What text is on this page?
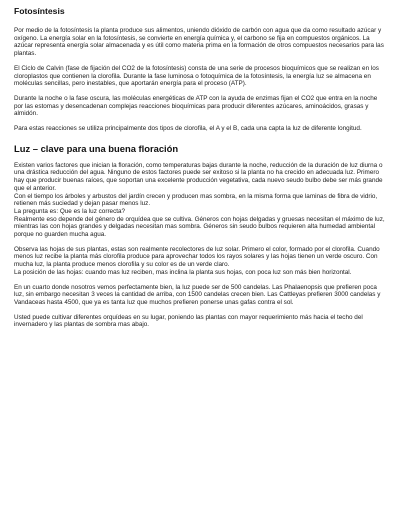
Fotosíntesis

Por medio de la fotosíntesis la planta produce sus alimentos, uniendo dióxido de carbón con agua que da como resultado azúcar y oxígeno. La energía solar en la fotosíntesis, se convierte en energía química y, el carbono se fija en compuestos orgánicos. La azúcar representa energía solar almacenada y es útil como materia prima en la formación de otros compuestos necesarios para las plantas.

El Ciclo de Calvin (fase de fijación del CO2 de la fotosíntesis) consta de una serie de procesos bioquímicos que se realizan en los cloroplastos que contienen la clorofila. Durante la fase luminosa o fotoquímica de la fotosíntesis, la energía luz se almacena en moléculas sencillas, pero inestables, que aportarán energía para el proceso (ATP).

Durante la noche o la fase oscura, las moléculas energéticas de ATP con la ayuda de enzimas fijan el CO2 que entra en la noche por las estomas y desencadenan complejas reacciones bioquímicas para producir diferentes azúcares, aminoácidos, grasas y almidón.

Para estas reacciones se utiliza principalmente dos tipos de clorofila, el A y el B, cada una capta la luz de diferente longitud.

Luz – clave para una buena floración

Existen varios factores que inician la floración, como temperaturas bajas durante la noche, reducción de la duración de luz diurna o una drástica reducción del agua. Ninguno de estos factores puede ser exitoso si la planta no ha crecido en adecuada luz. Primero hay que producir buenas raíces, que soportan una excelente producción vegetativa, cada nuevo seudo bulbo debe ser más grande que el anterior.

Con el tiempo los árboles y arbustos del jardín crecen y producen mas sombra, en la misma forma que laminas de fibra de vidrio, retienen más suciedad y dejan pasar menos luz.

La pregunta es: Que es la luz correcta?

Realmente eso depende del género de orquídea que se cultiva. Géneros con hojas delgadas y gruesas necesitan el máximo de luz, mientras las con hojas grandes y delgadas necesitan mas sombra. Géneros sin seudo bulbos requieren alta humedad ambiental porque no guarden mucha agua.

Observa las hojas de sus plantas, estas son realmente recolectores de luz solar. Primero el color, formado por el clorofila. Cuando menos luz recibe la planta más clorofila produce para aprovechar todos los rayos solares y las hojas tienen un verde oscuro. Con mucha luz, la planta produce menos clorofila y su color es de un verde claro.

La posición de las hojas: cuando mas luz reciben, mas inclina la planta sus hojas, con poca luz son más bien horizontal.

En un cuarto donde nosotros vemos perfectamente bien, la luz puede ser de 500 candelas. Las Phalaenopsis que prefieren poca luz, sin embargo necesitan 3 veces la cantidad de arriba, con 1500 candelas crecen bien. Las Cattleyas prefieren 3000 candelas y Vandaceas hasta 4500, que ya es tanta luz que muchos prefieren ponerse unas gafas contra el sol.

Usted puede cultivar diferentes orquídeas en su lugar, poniendo las plantas con mayor requerimiento más hacia el techo del invernadero y las plantas de sombra mas abajo.
